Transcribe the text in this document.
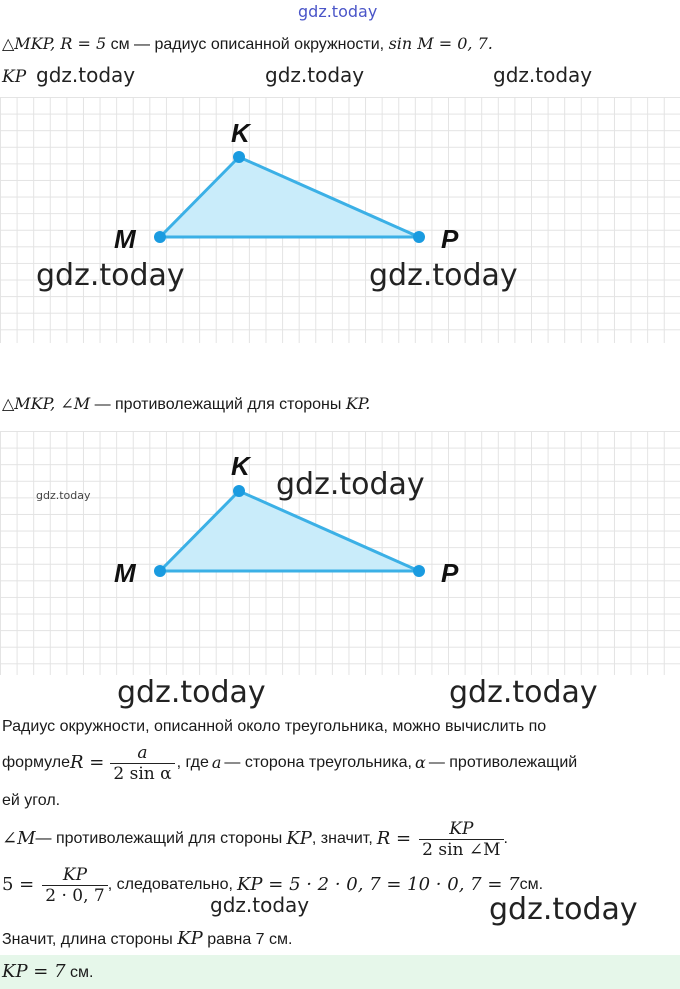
gdz.today
△MKP, R = 5 см — радиус описанной окружности, sin M = 0, 7.
KP gdz.today	gdz.today	gdz.today
K
M	P
gdz.today	gdz.today
△MKP, ∠M — противолежащий для стороны KP.
K
M	P
gdz.today	gdz.today
gdz.today	gdz.today
Радиус окружности, описанной около треугольника, можно вычислить по
формуле $R = \frac{a}{\text{2 sin α}}$ , где a — сторона треугольника, α — противолежащий
ей угол.
∠M — противолежащий для стороны KP , значит, $R = \frac{KP}{2 \sin \angle M}$ .
$5 = \frac{KP}{2 \cdot 0, 7}$ , следовательно, KP = 5 · 2 · 0, 7 = 10 · 0, 7 = 7 см.
gdz.today	gdz.today
Значит, длина стороны KP равна 7 см.
KP = 7 см.
